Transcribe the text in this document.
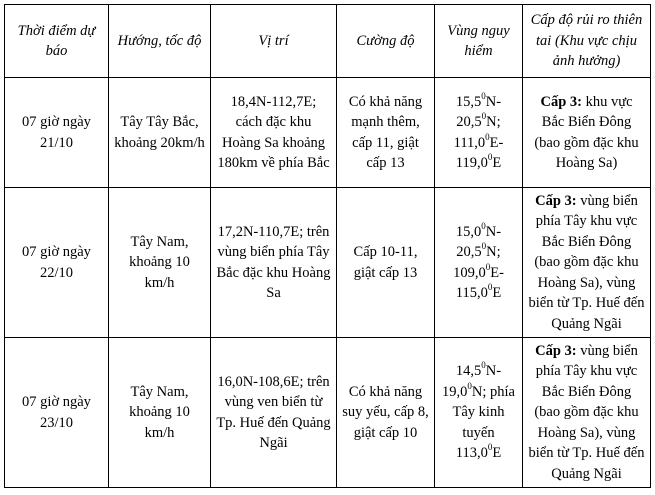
Thời điểm dự báo	Hướng, tốc độ	Vị trí	Cường độ	Vùng nguy hiểm	Cấp độ rủi ro thiên tai (Khu vực chịu ảnh hưởng)
07 giờ ngày 21/10	Tây Tây Bắc, khoảng 20km/h	18,4N-112,7E; cách đặc khu Hoàng Sa khoảng 180km về phía Bắc	Có khả năng mạnh thêm, cấp 11, giật cấp 13	15,5$^0$N-
20,5$^0$N;
111,0$^0$E-
119,0$^0$E	Cấp 3: khu vực Bắc Biển Đông (bao gồm đặc khu Hoàng Sa)
07 giờ ngày 22/10	Tây Nam, khoảng 10 km/h	17,2N-110,7E; trên vùng biển phía Tây Bắc đặc khu Hoàng Sa	Cấp 10-11, giật cấp 13	15,0$^0$N-
20,5$^0$N;
109,0$^0$E-
115,0$^0$E	Cấp 3: vùng biển phía Tây khu vực Bắc Biển Đông (bao gồm đặc khu Hoàng Sa), vùng biển từ Tp. Huế đến Quảng Ngãi
07 giờ ngày 23/10	Tây Nam, khoảng 10 km/h	16,0N-108,6E; trên vùng ven biển từ Tp. Huế đến Quảng Ngãi	Có khả năng suy yếu, cấp 8, giật cấp 10	14,5$^0$N-
19,0$^0$N; phía Tây kinh tuyến
113,0$^0$E	Cấp 3: vùng biển phía Tây khu vực Bắc Biển Đông (bao gồm đặc khu Hoàng Sa), vùng biển từ Tp. Huế đến Quảng Ngãi
